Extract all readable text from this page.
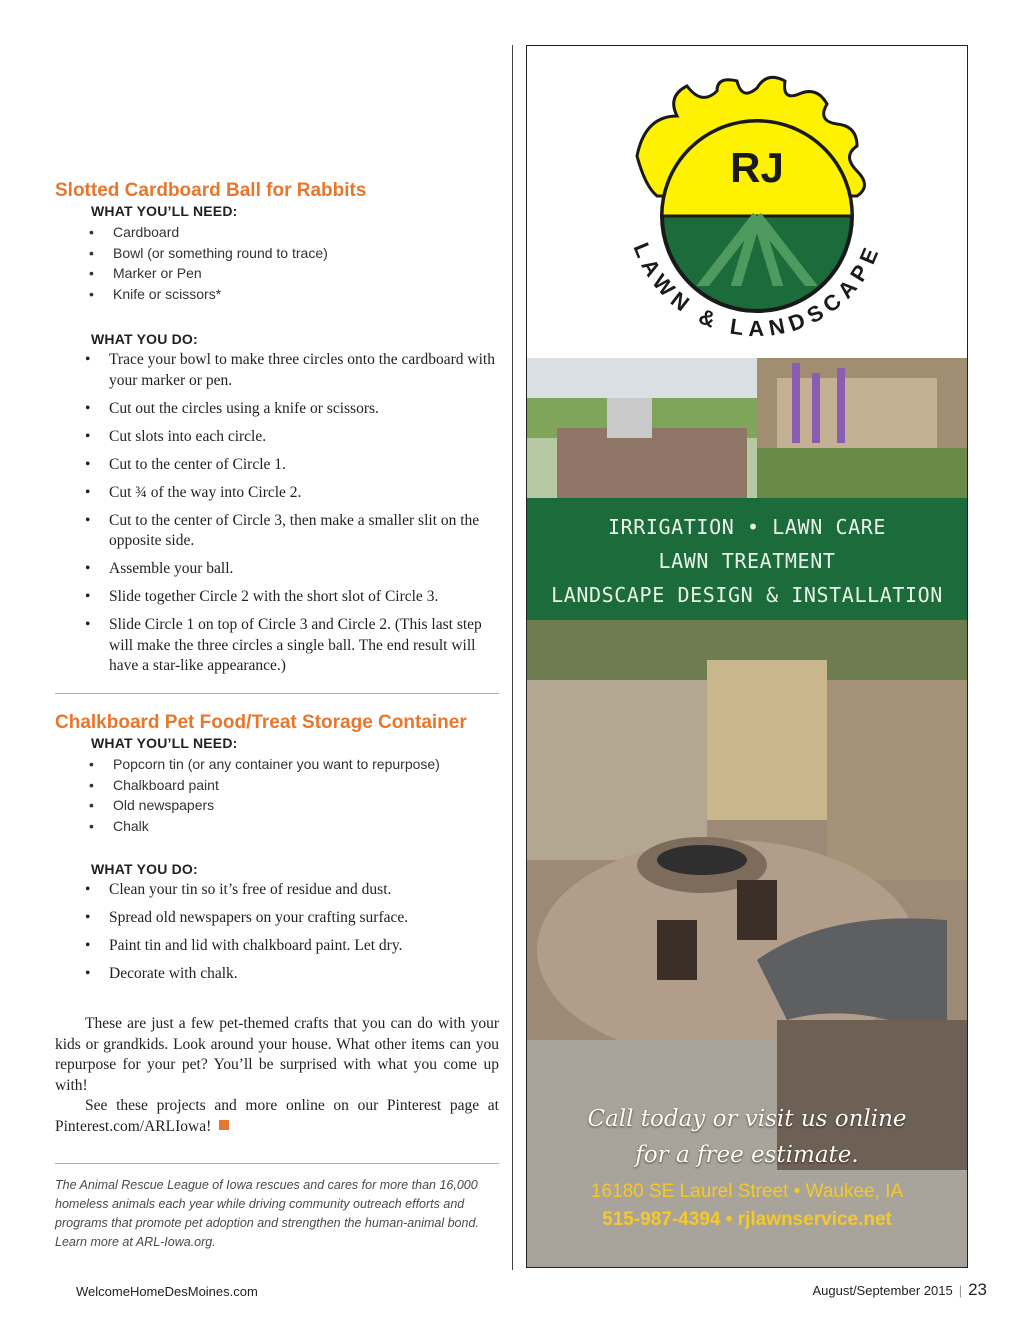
Slotted Cardboard Ball for Rabbits
WHAT YOU’LL NEED:
• Cardboard
• Bowl (or something round to trace)
• Marker or Pen
• Knife or scissors*
WHAT YOU DO:
• Trace your bowl to make three circles onto the cardboard with your marker or pen.
• Cut out the circles using a knife or scissors.
• Cut slots into each circle.
• Cut to the center of Circle 1.
• Cut ¾ of the way into Circle 2.
• Cut to the center of Circle 3, then make a smaller slit on the opposite side.
• Assemble your ball.
• Slide together Circle 2 with the short slot of Circle 3.
• Slide Circle 1 on top of Circle 3 and Circle 2. (This last step will make the three circles a single ball. The end result will have a star-like appearance.)
Chalkboard Pet Food/Treat Storage Container
WHAT YOU’LL NEED:
• Popcorn tin (or any container you want to repurpose)
• Chalkboard paint
• Old newspapers
• Chalk
WHAT YOU DO:
• Clean your tin so it’s free of residue and dust.
• Spread old newspapers on your crafting surface.
• Paint tin and lid with chalkboard paint. Let dry.
• Decorate with chalk.

These are just a few pet-themed crafts that you can do with your kids or grandkids. Look around your house. What other items can you repurpose for your pet? You’ll be surprised with what you come up with!

See these projects and more online on our Pinterest page at Pinterest.com/ARLIowa!

The Animal Rescue League of Iowa rescues and cares for more than 16,000 homeless animals each year while driving community outreach efforts and programs that promote pet adoption and strengthen the human-animal bond. Learn more at ARL-Iowa.org.

RJ
LAWN & LANDSCAPE
IRRIGATION • LAWN CARE
LAWN TREATMENT
LANDSCAPE DESIGN & INSTALLATION
Call today or visit us online
for a free estimate.
16180 SE Laurel Street • Waukee, IA
515-987-4394 • rjlawnservice.net
WelcomeHomeDesMoines.com	August/September 2015 | 23
